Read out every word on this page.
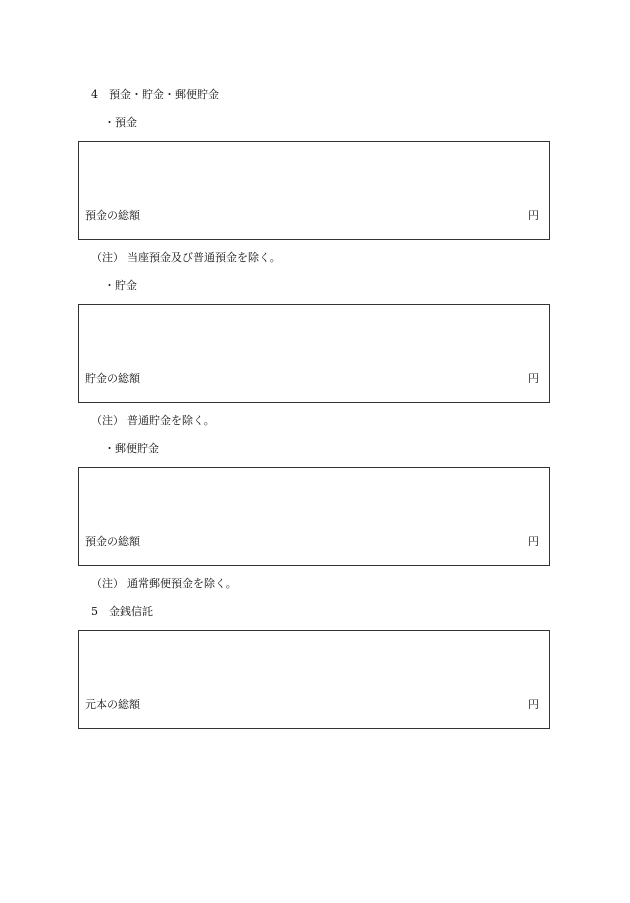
4 預金・貯金・郵便貯金
・預金
預金の総額	円
（注） 当座預金及び普通預金を除く。
・貯金
貯金の総額	円
（注） 普通貯金を除く。
・郵便貯金
預金の総額	円
（注） 通常郵便預金を除く。
5 金銭信託
元本の総額	円
